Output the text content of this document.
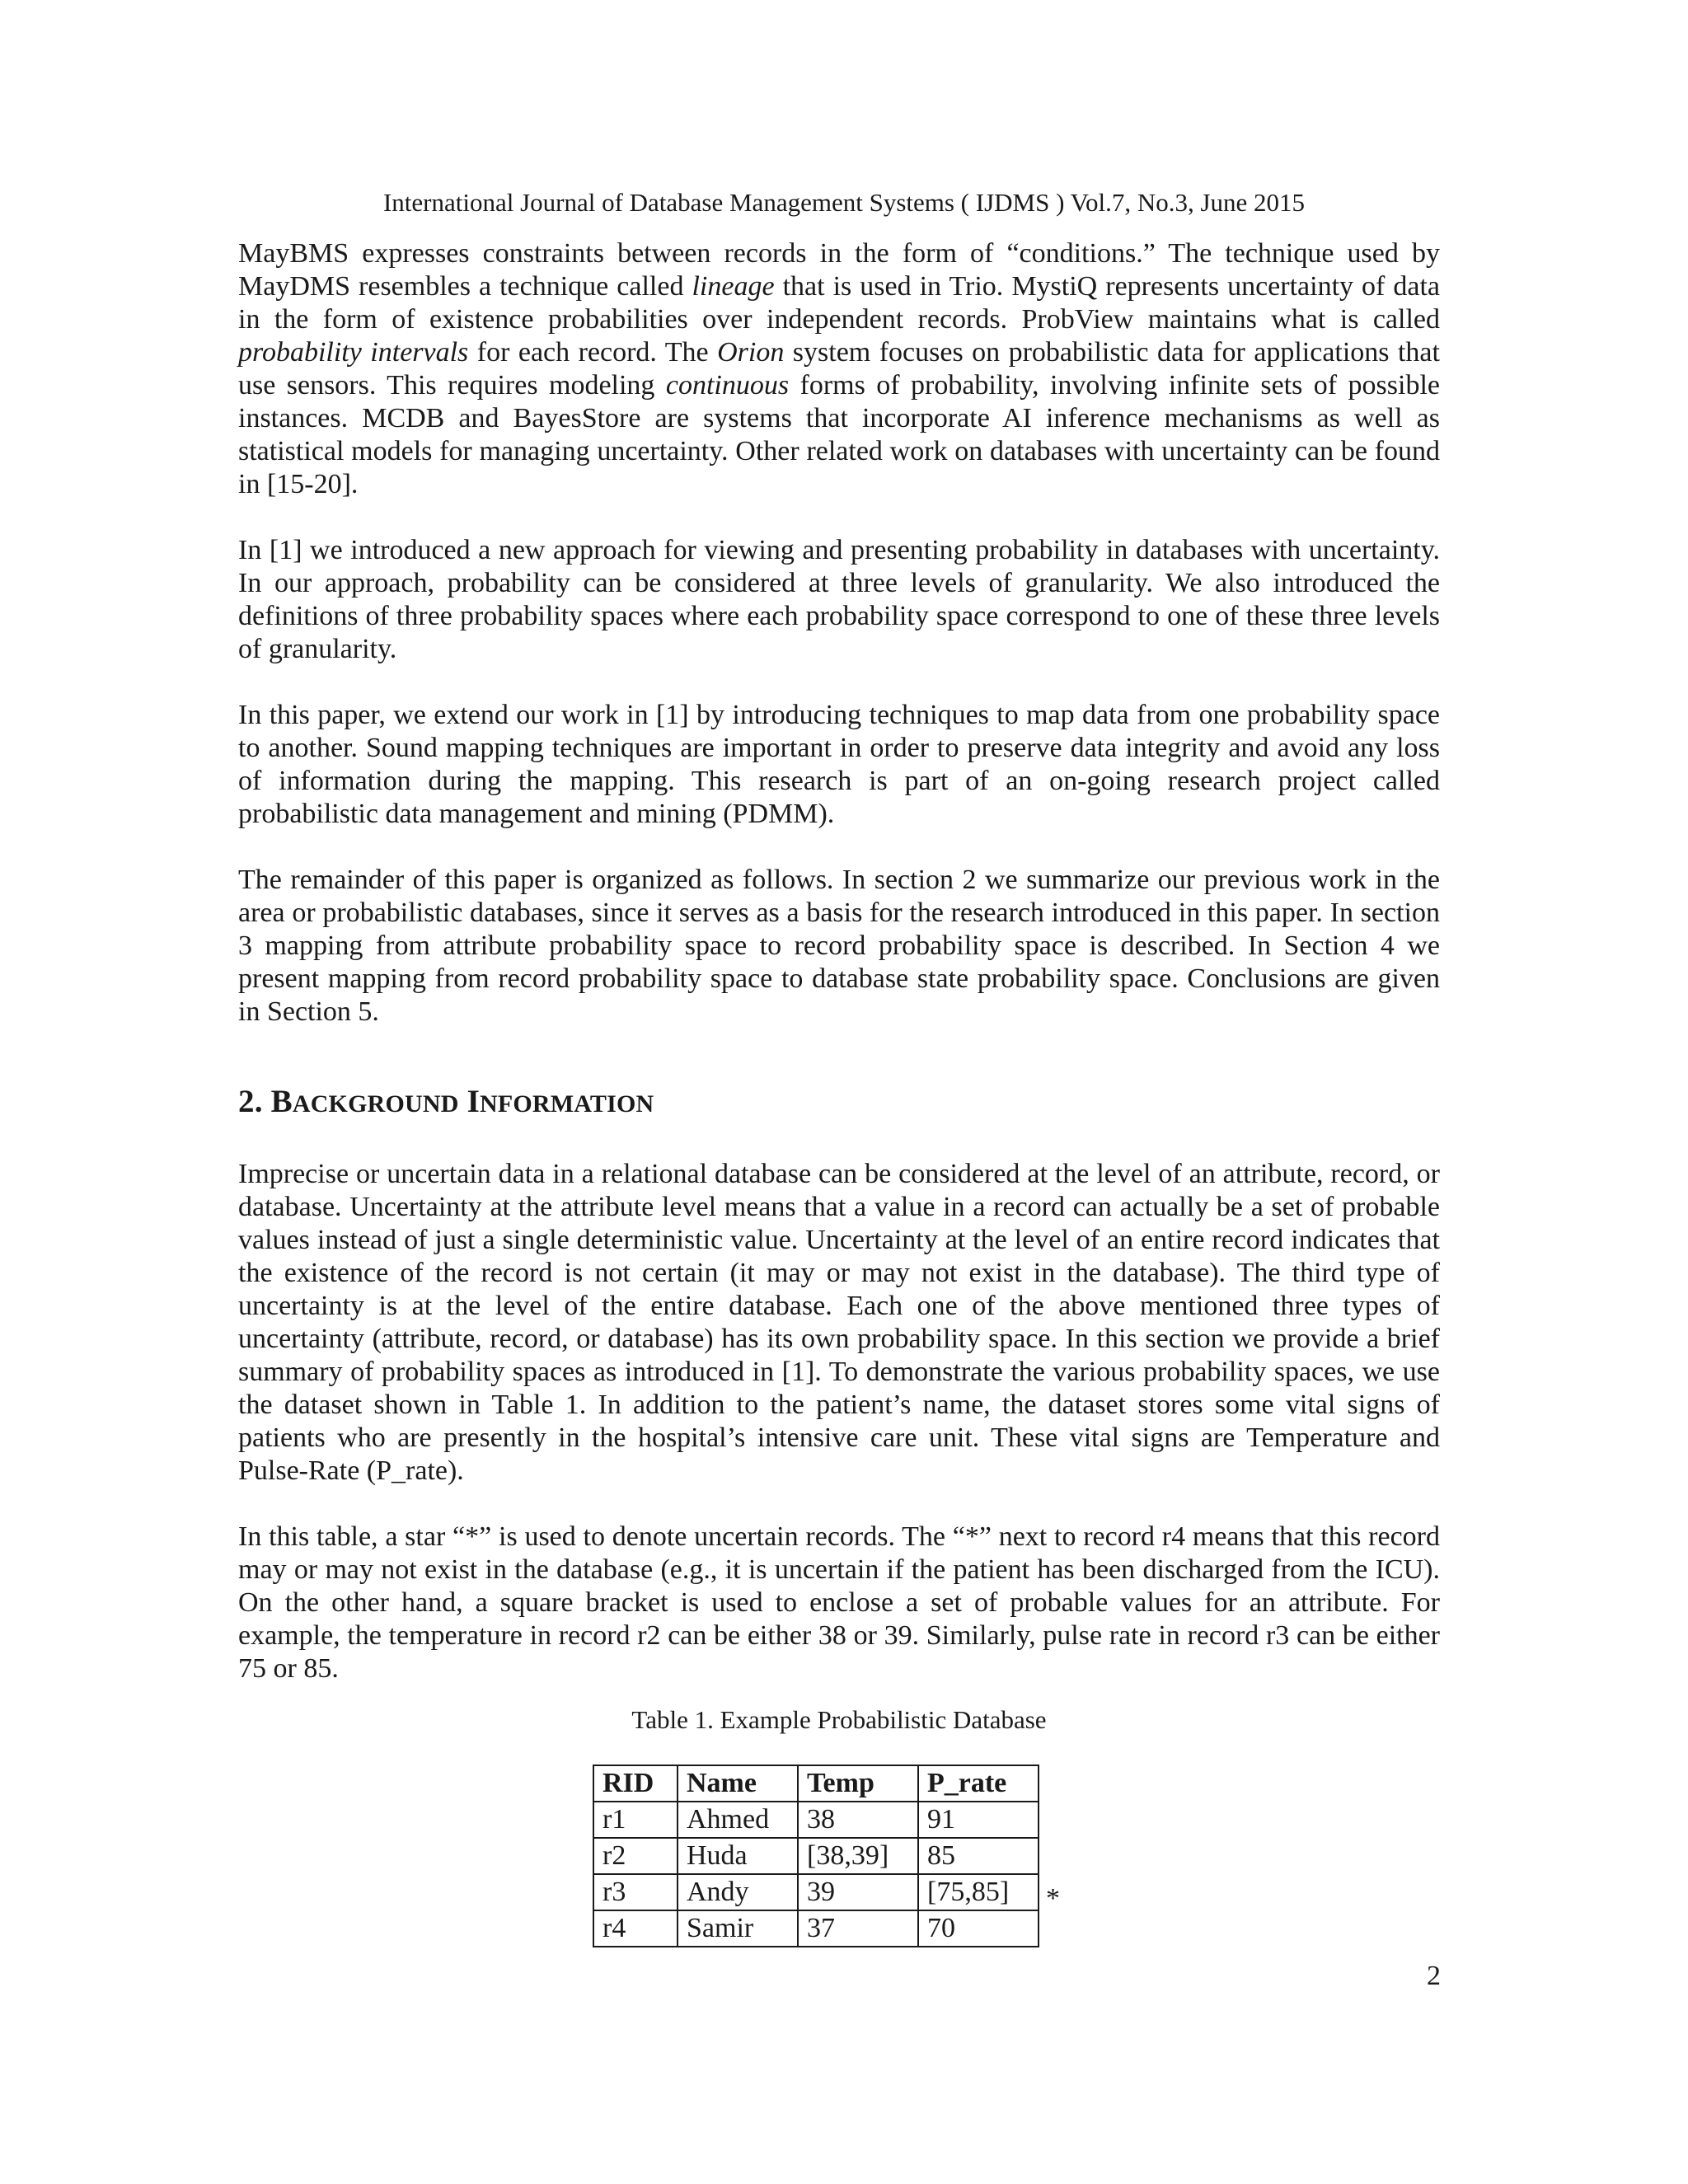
International Journal of Database Management Systems ( IJDMS ) Vol.7, No.3, June 2015

MayBMS expresses constraints between records in the form of “conditions.” The technique used by MayDMS resembles a technique called lineage that is used in Trio. MystiQ represents uncertainty of data in the form of existence probabilities over independent records. ProbView maintains what is called probability intervals for each record. The Orion system focuses on probabilistic data for applications that use sensors. This requires modeling continuous forms of probability, involving infinite sets of possible instances. MCDB and BayesStore are systems that incorporate AI inference mechanisms as well as statistical models for managing uncertainty. Other related work on databases with uncertainty can be found in [15-20].

In [1] we introduced a new approach for viewing and presenting probability in databases with uncertainty. In our approach, probability can be considered at three levels of granularity. We also introduced the definitions of three probability spaces where each probability space correspond to one of these three levels of granularity.

In this paper, we extend our work in [1] by introducing techniques to map data from one probability space to another. Sound mapping techniques are important in order to preserve data integrity and avoid any loss of information during the mapping. This research is part of an on-going research project called probabilistic data management and mining (PDMM).

The remainder of this paper is organized as follows. In section 2 we summarize our previous work in the area or probabilistic databases, since it serves as a basis for the research introduced in this paper. In section 3 mapping from attribute probability space to record probability space is described. In Section 4 we present mapping from record probability space to database state probability space. Conclusions are given in Section 5.

2. BACKGROUND INFORMATION

Imprecise or uncertain data in a relational database can be considered at the level of an attribute, record, or database. Uncertainty at the attribute level means that a value in a record can actually be a set of probable values instead of just a single deterministic value. Uncertainty at the level of an entire record indicates that the existence of the record is not certain (it may or may not exist in the database). The third type of uncertainty is at the level of the entire database. Each one of the above mentioned three types of uncertainty (attribute, record, or database) has its own probability space. In this section we provide a brief summary of probability spaces as introduced in [1]. To demonstrate the various probability spaces, we use the dataset shown in Table 1. In addition to the patient’s name, the dataset stores some vital signs of patients who are presently in the hospital’s intensive care unit. These vital signs are Temperature and Pulse-Rate (P_rate).

In this table, a star “*” is used to denote uncertain records. The “*” next to record r4 means that this record may or may not exist in the database (e.g., it is uncertain if the patient has been discharged from the ICU). On the other hand, a square bracket is used to enclose a set of probable values for an attribute. For example, the temperature in record r2 can be either 38 or 39. Similarly, pulse rate in record r3 can be either 75 or 85.

Table 1. Example Probabilistic Database
RID	Name	Temp	P_rate
r1	Ahmed	38	91
r2	Huda	[38,39]	85
r3	Andy	39	[75,85]
r4	Samir	37	70
*
2
